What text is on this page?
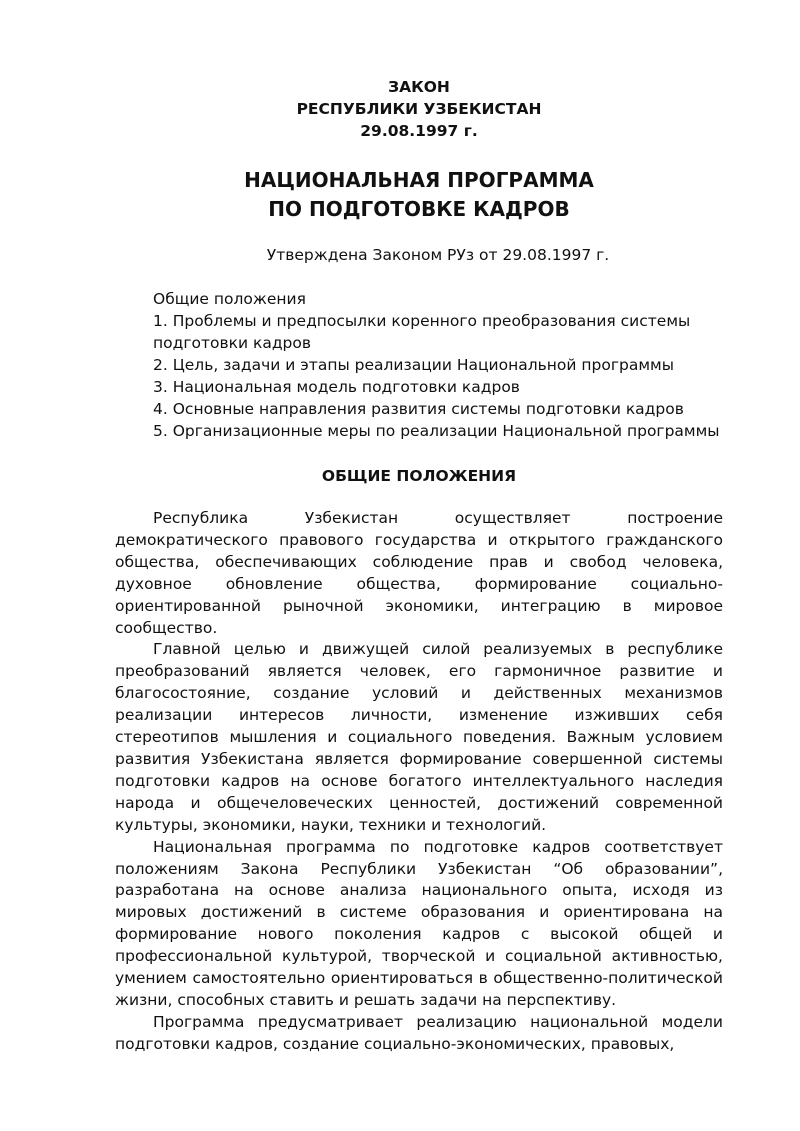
ЗАКОН
РЕСПУБЛИКИ УЗБЕКИСТАН
29.08.1997 г.
НАЦИОНАЛЬНАЯ ПРОГРАММА
ПО ПОДГОТОВКЕ КАДРОВ
Утверждена Законом РУз от 29.08.1997 г.
Общие положения
1. Проблемы и предпосылки коренного преобразования системы подготовки кадров
2. Цель, задачи и этапы реализации Национальной программы
3. Национальная модель подготовки кадров
4. Основные направления развития системы подготовки кадров
5. Организационные меры по реализации Национальной программы
ОБЩИЕ ПОЛОЖЕНИЯ

Республика Узбекистан осуществляет построение демократического правового государства и открытого гражданского общества, обеспечивающих соблюдение прав и свобод человека, духовное обновление общества, формирование социально-ориентированной рыночной экономики, интеграцию в мировое сообщество.

Главной целью и движущей силой реализуемых в республике преобразований является человек, его гармоничное развитие и благосостояние, создание условий и действенных механизмов реализации интересов личности, изменение изживших себя стереотипов мышления и социального поведения. Важным условием развития Узбекистана является формирование совершенной системы подготовки кадров на основе богатого интеллектуального наследия народа и общечеловеческих ценностей, достижений современной культуры, экономики, науки, техники и технологий.

Национальная программа по подготовке кадров соответствует положениям Закона Республики Узбекистан “Об образовании”, разработана на основе анализа национального опыта, исходя из мировых достижений в системе образования и ориентирована на формирование нового поколения кадров с высокой общей и профессиональной культурой, творческой и социальной активностью, умением самостоятельно ориентироваться в общественно-политической жизни, способных ставить и решать задачи на перспективу.

Программа предусматривает реализацию национальной модели подготовки кадров, создание социально-экономических, правовых,
